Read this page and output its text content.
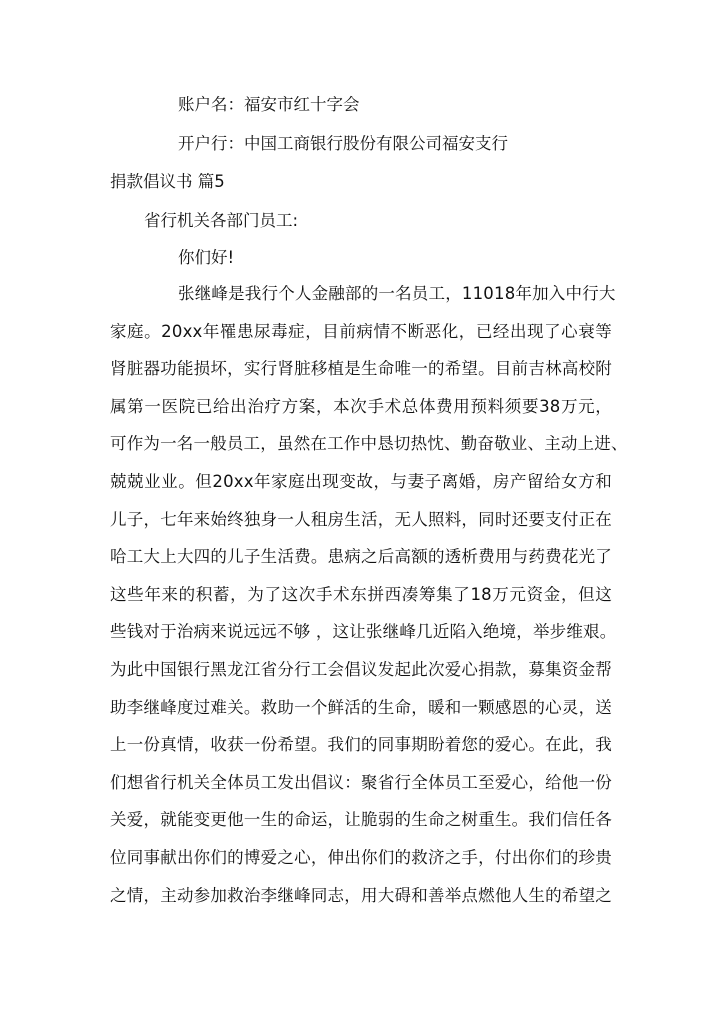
账户名：福安市红十字会
开户行：中国工商银行股份有限公司福安支行
捐款倡议书 篇5
省行机关各部门员工:
你们好!
张继峰是我行个人金融部的一名员工，11018年加入中行大
家庭。20xx年罹患尿毒症，目前病情不断恶化，已经出现了心衰等
肾脏器功能损坏，实行肾脏移植是生命唯一的希望。目前吉林高校附
属第一医院已给出治疗方案，本次手术总体费用预料须要38万元，
可作为一名一般员工，虽然在工作中恳切热忱、勤奋敬业、主动上进、
兢兢业业。但20xx年家庭出现变故，与妻子离婚，房产留给女方和
儿子，七年来始终独身一人租房生活，无人照料，同时还要支付正在
哈工大上大四的儿子生活费。患病之后高额的透析费用与药费花光了
这些年来的积蓄，为了这次手术东拼西凑筹集了18万元资金，但这
些钱对于治病来说远远不够 ，这让张继峰几近陷入绝境，举步维艰。
为此中国银行黑龙江省分行工会倡议发起此次爱心捐款，募集资金帮
助李继峰度过难关。救助一个鲜活的生命，暖和一颗感恩的心灵，送
上一份真情，收获一份希望。我们的同事期盼着您的爱心。在此，我
们想省行机关全体员工发出倡议：聚省行全体员工至爱心，给他一份
关爱，就能变更他一生的命运，让脆弱的生命之树重生。我们信任各
位同事献出你们的博爱之心，伸出你们的救济之手，付出你们的珍贵
之情，主动参加救治李继峰同志，用大碍和善举点燃他人生的希望之
